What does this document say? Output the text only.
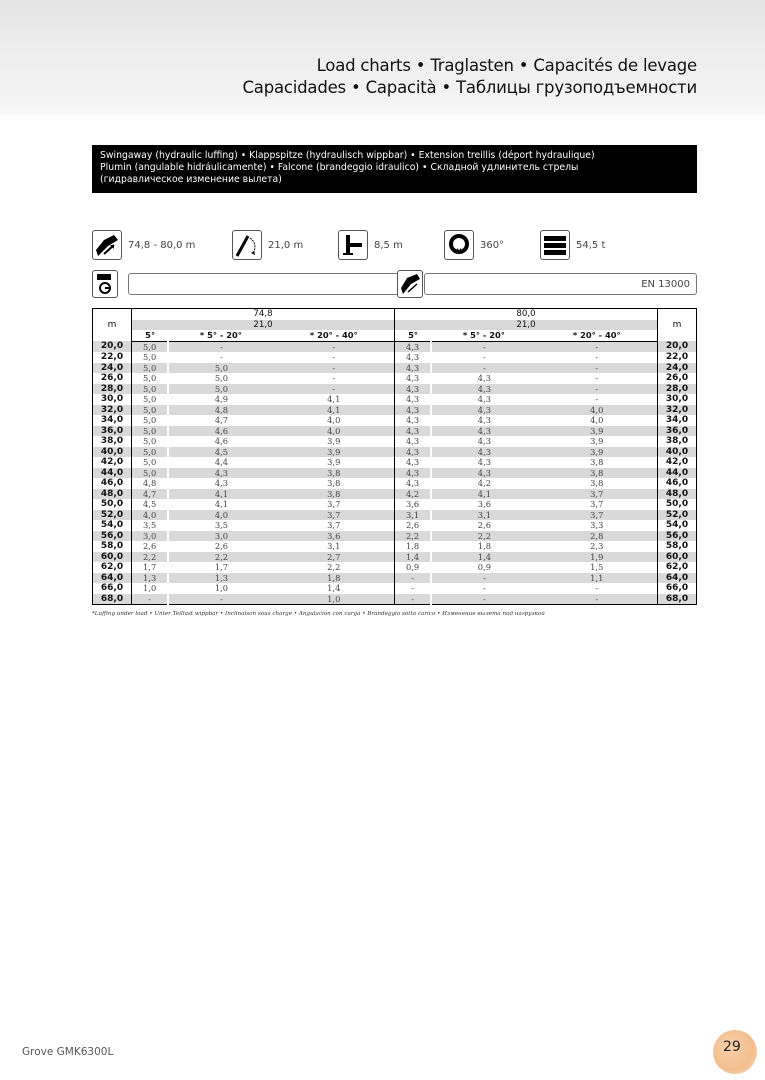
Load charts • Traglasten • Capacités de levage
Capacidades • Capacità • Таблицы грузоподъемности
Swingaway (hydraulic luffing) • Klappspitze (hydraulisch wippbar) • Extension treillis (déport hydraulique)
Plumin (angulable hidráulicamente) • Falcone (brandeggio idraulico) • Складной удлинитель стрелы
(гидравлическое изменение вылета)
74,8 - 80,0 m	21,0 m	8,5 m	360°	54,5 t
EN 13000
m	74,8			80,0			m
	21,0			21,0			
	5°	* 5° - 20°	* 20° - 40°	5°	* 5° - 20°	* 20° - 40°	
20,0	5,0	-	-	4,3	-	-	20,0
22,0	5,0	-	-	4,3	-	-	22,0
24,0	5,0	5,0	-	4,3	-	-	24,0
26,0	5,0	5,0	-	4,3	4,3	-	26,0
28,0	5,0	5,0	-	4,3	4,3	-	28,0
30,0	5,0	4,9	4,1	4,3	4,3	-	30,0
32,0	5,0	4,8	4,1	4,3	4,3	4,0	32,0
34,0	5,0	4,7	4,0	4,3	4,3	4,0	34,0
36,0	5,0	4,6	4,0	4,3	4,3	3,9	36,0
38,0	5,0	4,6	3,9	4,3	4,3	3,9	38,0
40,0	5,0	4,5	3,9	4,3	4,3	3,9	40,0
42,0	5,0	4,4	3,9	4,3	4,3	3,8	42,0
44,0	5,0	4,3	3,8	4,3	4,3	3,8	44,0
46,0	4,8	4,3	3,8	4,3	4,2	3,8	46,0
48,0	4,7	4,1	3,8	4,2	4,1	3,7	48,0
50,0	4,5	4,1	3,7	3,6	3,6	3,7	50,0
52,0	4,0	4,0	3,7	3,1	3,1	3,7	52,0
54,0	3,5	3,5	3,7	2,6	2,6	3,3	54,0
56,0	3,0	3,0	3,6	2,2	2,2	2,8	56,0
58,0	2,6	2,6	3,1	1,8	1,8	2,3	58,0
60,0	2,2	2,2	2,7	1,4	1,4	1,9	60,0
62,0	1,7	1,7	2,2	0,9	0,9	1,5	62,0
64,0	1,3	1,3	1,8	-	-	1,1	64,0
66,0	1,0	1,0	1,4	-	-	-	66,0
68,0	-	-	1,0	-	-	-	68,0
*Luffing under load • Unter Teillast wippbar • Inclinaison sous charge • Angulación con carga • Brandeggio sotto carico • Изменение вылета под нагрузкой
Grove GMK6300L	29
